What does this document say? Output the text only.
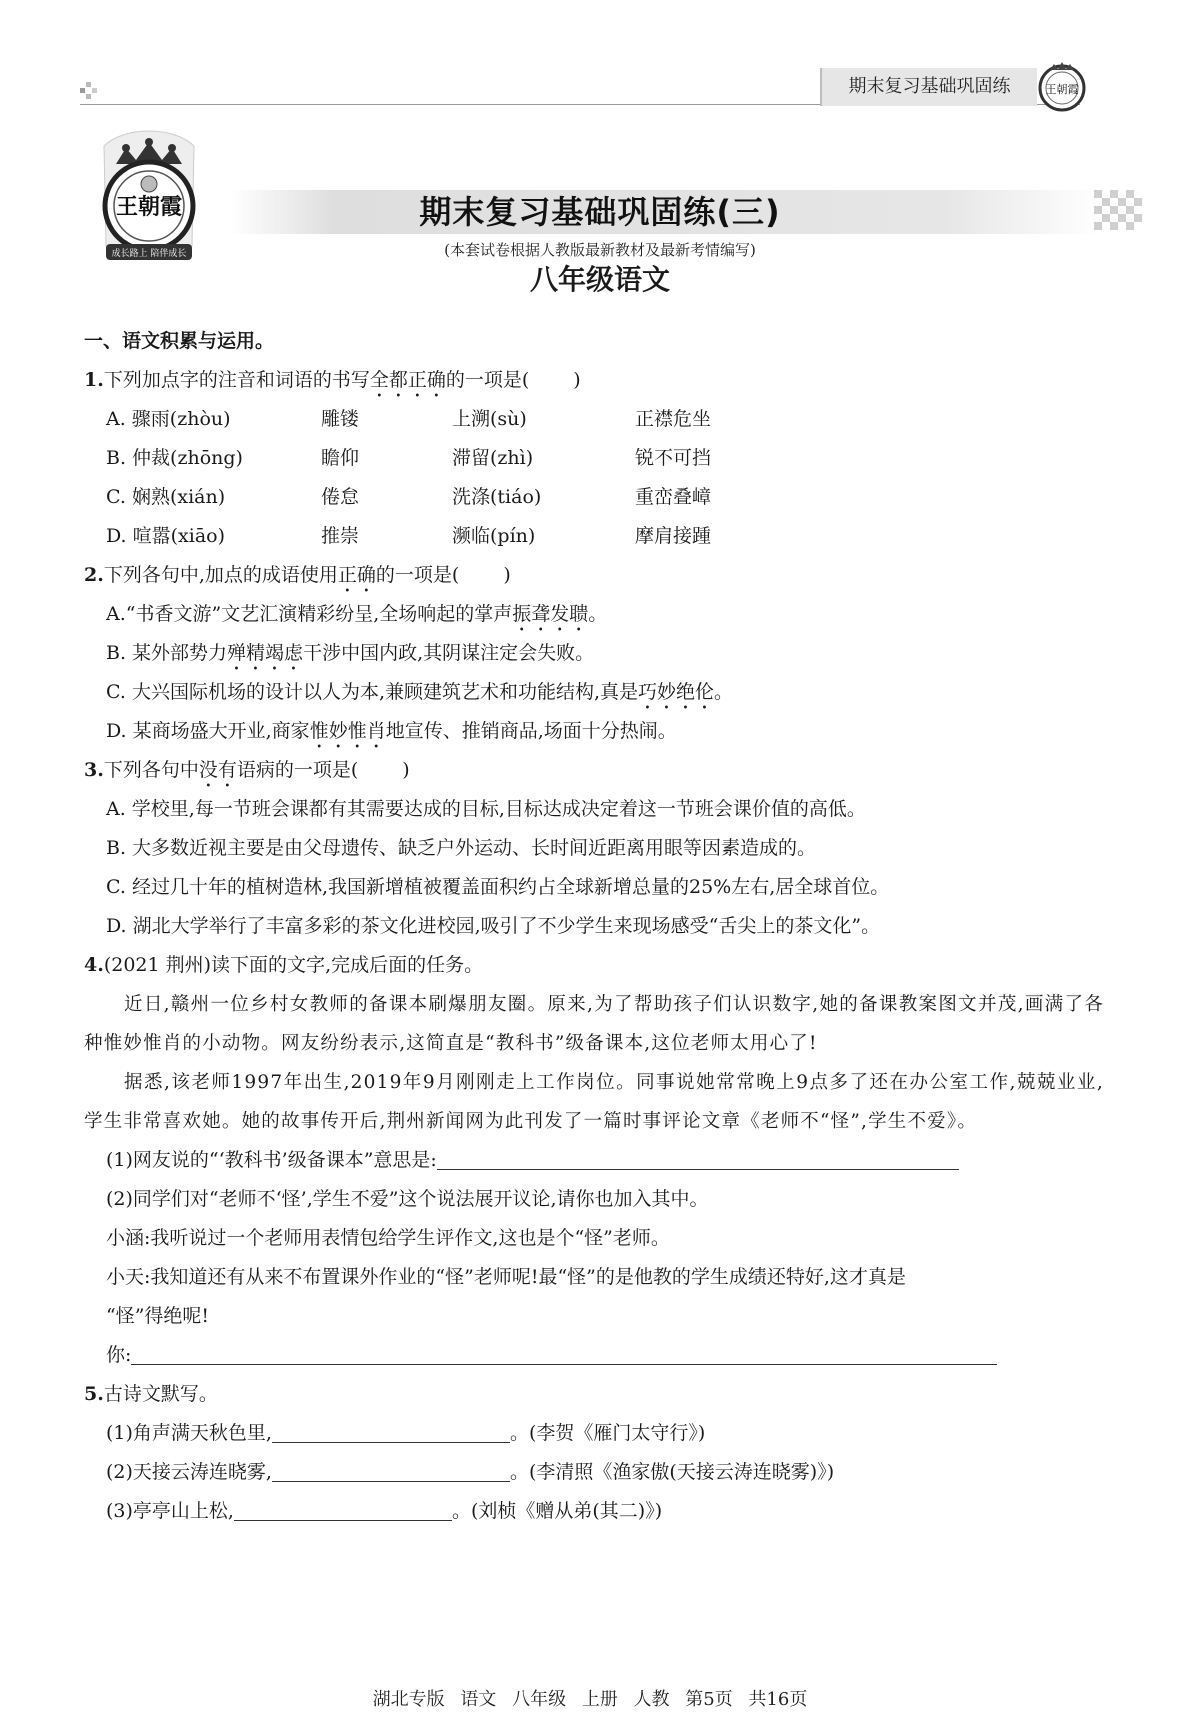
期末复习基础巩固练	王朝霞
王朝霞
成长路上 陪伴成长
期末复习基础巩固练(三)
(本套试卷根据人教版最新教材及最新考情编写)
八年级语文
一、语文积累与运用。
1.下列加点字的注音和词语的书写全都正确的一项是( )
A. 骤雨(zhòu)	雕镂	上溯(sù)	正襟危坐
B. 仲裁(zhōng)	瞻仰	滞留(zhì)	锐不可挡
C. 娴熟(xián)	倦怠	洗涤(tiáo)	重峦叠嶂
D. 喧嚣(xiāo)	推崇	濒临(pín)	摩肩接踵
2.下列各句中,加点的成语使用正确的一项是( )
A.“书香文游”文艺汇演精彩纷呈,全场响起的掌声振聋发聩。
B. 某外部势力殚精竭虑干涉中国内政,其阴谋注定会失败。
C. 大兴国际机场的设计以人为本,兼顾建筑艺术和功能结构,真是巧妙绝伦。
D. 某商场盛大开业,商家惟妙惟肖地宣传、推销商品,场面十分热闹。
3.下列各句中没有语病的一项是( )
A. 学校里,每一节班会课都有其需要达成的目标,目标达成决定着这一节班会课价值的高低。
B. 大多数近视主要是由父母遗传、缺乏户外运动、长时间近距离用眼等因素造成的。
C. 经过几十年的植树造林,我国新增植被覆盖面积约占全球新增总量的25%左右,居全球首位。
D. 湖北大学举行了丰富多彩的茶文化进校园,吸引了不少学生来现场感受“舌尖上的茶文化”。
4.(2021 荆州)读下面的文字,完成后面的任务。

近日,赣州一位乡村女教师的备课本刷爆朋友圈。原来,为了帮助孩子们认识数字,她的备课教案图文并茂,画满了各种惟妙惟肖的小动物。网友纷纷表示,这简直是“教科书”级备课本,这位老师太用心了!

据悉,该老师1997年出生,2019年9月刚刚走上工作岗位。同事说她常常晚上9点多了还在办公室工作,兢兢业业,学生非常喜欢她。她的故事传开后,荆州新闻网为此刊发了一篇时事评论文章《老师不“怪”,学生不爱》。

(1)网友说的“‘教科书’级备课本”意思是:
(2)同学们对“老师不‘怪’,学生不爱”这个说法展开议论,请你也加入其中。
小涵:我听说过一个老师用表情包给学生评作文,这也是个“怪”老师。
小天:我知道还有从来不布置课外作业的“怪”老师呢!最“怪”的是他教的学生成绩还特好,这才真是
“怪”得绝呢!
你:
5.古诗文默写。
(1)角声满天秋色里,	。(李贺《雁门太守行》)
(2)天接云涛连晓雾,	。(李清照《渔家傲(天接云涛连晓雾)》)
(3)亭亭山上松,	。(刘桢《赠从弟(其二)》)
湖北专版 语文 八年级 上册 人教 第5页 共16页
